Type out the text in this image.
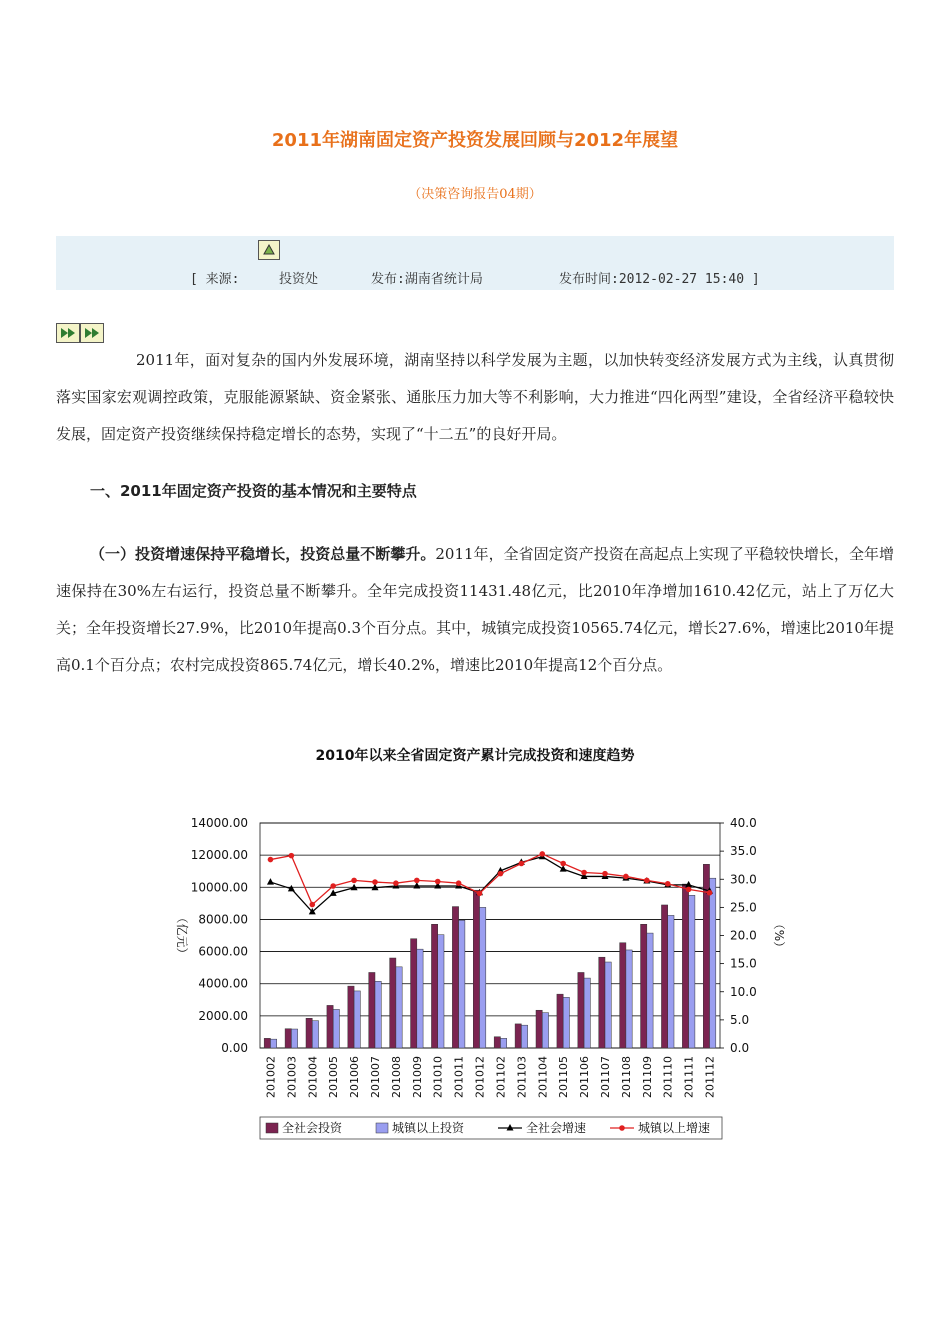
2011年湖南固定资产投资发展回顾与2012年展望
（决策咨询报告04期）
[ 来源:	投资处	发布:湖南省统计局	发布时间:2012-02-27 15:40 ]
2011年，面对复杂的国内外发展环境，湖南坚持以科学发展为主题，以加快转变经济发展方式为主线，认真贯彻落实国家宏观调控政策，克服能源紧缺、资金紧张、通胀压力加大等不利影响，大力推进“四化两型”建设，全省经济平稳较快发展，固定资产投资继续保持稳定增长的态势，实现了“十二五”的良好开局。
一、2011年固定资产投资的基本情况和主要特点
（一）投资增速保持平稳增长，投资总量不断攀升。2011年，全省固定资产投资在高起点上实现了平稳较快增长，全年增速保持在30%左右运行，投资总量不断攀升。全年完成投资11431.48亿元，比2010年净增加1610.42亿元，站上了万亿大关；全年投资增长27.9%，比2010年提高0.3个百分点。其中，城镇完成投资10565.74亿元，增长27.6%，增速比2010年提高0.1个百分点；农村完成投资865.74亿元，增长40.2%，增速比2010年提高12个百分点。
2010年以来全省固定资产累计完成投资和速度趋势
0.00
2000.00
4000.00
6000.00
8000.00
10000.00
12000.00
14000.00
0.0
5.0
10.0
15.0
20.0
25.0
30.0
35.0
40.0
（亿元）	（%）
201002 201003 201004 201005 201006 201007 201008 201009 201010 201011 201012 201102 201103 201104 201105 201106 201107 201108 201109 201110 201111 201112
全社会投资	城镇以上投资	全社会增速	城镇以上增速
